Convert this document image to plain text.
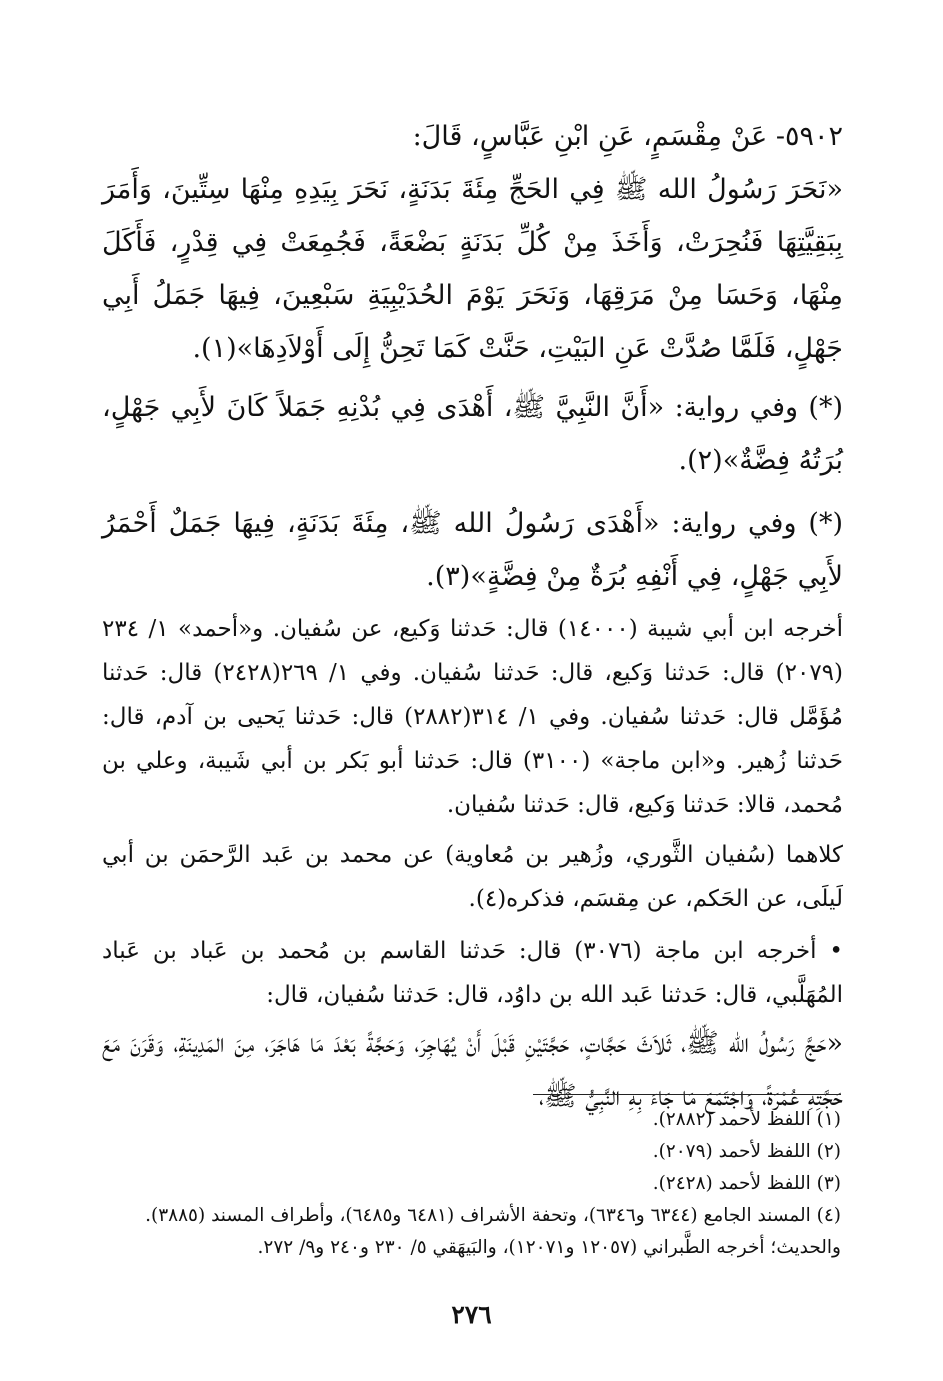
٥٩٠٢- عَنْ مِقْسَمٍ، عَنِ ابْنِ عَبَّاسٍ، قَالَ:

«نَحَرَ رَسُولُ الله ﷺ فِي الحَجِّ مِئَةَ بَدَنَةٍ، نَحَرَ بِيَدِهِ مِنْهَا سِتِّينَ، وَأَمَرَ بِبَقِيَّتِهَا فَنُحِرَتْ، وَأَخَذَ مِنْ كُلِّ بَدَنَةٍ بَضْعَةً، فَجُمِعَتْ فِي قِدْرٍ، فَأَكَلَ مِنْهَا، وَحَسَا مِنْ مَرَقِهَا، وَنَحَرَ يَوْمَ الحُدَيْبِيَةِ سَبْعِينَ، فِيهَا جَمَلُ أَبِي جَهْلٍ، فَلَمَّا صُدَّتْ عَنِ البَيْتِ، حَنَّتْ كَمَا تَحِنُّ إِلَى أَوْلاَدِهَا»(١).

(*) وفي رواية: «أَنَّ النَّبِيَّ ﷺ، أَهْدَى فِي بُدْنِهِ جَمَلاً كَانَ لأَبِي جَهْلٍ، بُرَتُهُ فِضَّةٌ»(٢).

(*) وفي رواية: «أَهْدَى رَسُولُ الله ﷺ، مِئَةَ بَدَنَةٍ، فِيهَا جَمَلٌ أَحْمَرُ لأَبِي جَهْلٍ، فِي أَنْفِهِ بُرَةٌ مِنْ فِضَّةٍ»(٣).

أخرجه ابن أبي شيبة (١٤٠٠٠) قال: حَدثنا وَكيع، عن سُفيان. و«أحمد» ١/ ٢٣٤ (٢٠٧٩) قال: حَدثنا وَكيع، قال: حَدثنا سُفيان. وفي ١/ ٢٦٩(٢٤٢٨) قال: حَدثنا مُؤَمَّل قال: حَدثنا سُفيان. وفي ١/ ٣١٤(٢٨٨٢) قال: حَدثنا يَحيى بن آدم، قال: حَدثنا زُهير. و«ابن ماجة» (٣١٠٠) قال: حَدثنا أبو بَكر بن أبي شَيبة، وعلي بن مُحمد، قالا: حَدثنا وَكيع، قال: حَدثنا سُفيان.

كلاهما (سُفيان الثَّوري، وزُهير بن مُعاوية) عن محمد بن عَبد الرَّحمَن بن أبي لَيلَى، عن الحَكم، عن مِقسَم، فذكره(٤).

• أخرجه ابن ماجة (٣٠٧٦) قال: حَدثنا القاسم بن مُحمد بن عَباد بن عَباد المُهَلَّبي، قال: حَدثنا عَبد الله بن داوُد، قال: حَدثنا سُفيان، قال:

«حَجَّ رَسُولُ الله ﷺ، ثَلاَثَ حَجَّاتٍ، حَجَّتَيْنِ قَبْلَ أَنْ يُهَاجِرَ، وَحَجَّةً بَعْدَ مَا هَاجَرَ، مِنَ المَدِينَةِ، وَقَرَنَ مَعَ حَجَّتِهِ عُمْرَةً، وَاجْتَمَعَ مَا جَاءَ بِهِ النَّبِيُّ ﷺ،

(١) اللفظ لأحمد (٢٨٨٢).

(٢) اللفظ لأحمد (٢٠٧٩).

(٣) اللفظ لأحمد (٢٤٢٨).

(٤) المسند الجامع (٦٣٤٤ و٦٣٤٦)، وتحفة الأشراف (٦٤٨١ و٦٤٨٥)، وأطراف المسند (٣٨٨٥).

والحديث؛ أخرجه الطَّبراني (١٢٠٥٧ و١٢٠٧١)، والبَيهَقي ٥/ ٢٣٠ و٢٤٠ و٩/ ٢٧٢.

٢٧٦
